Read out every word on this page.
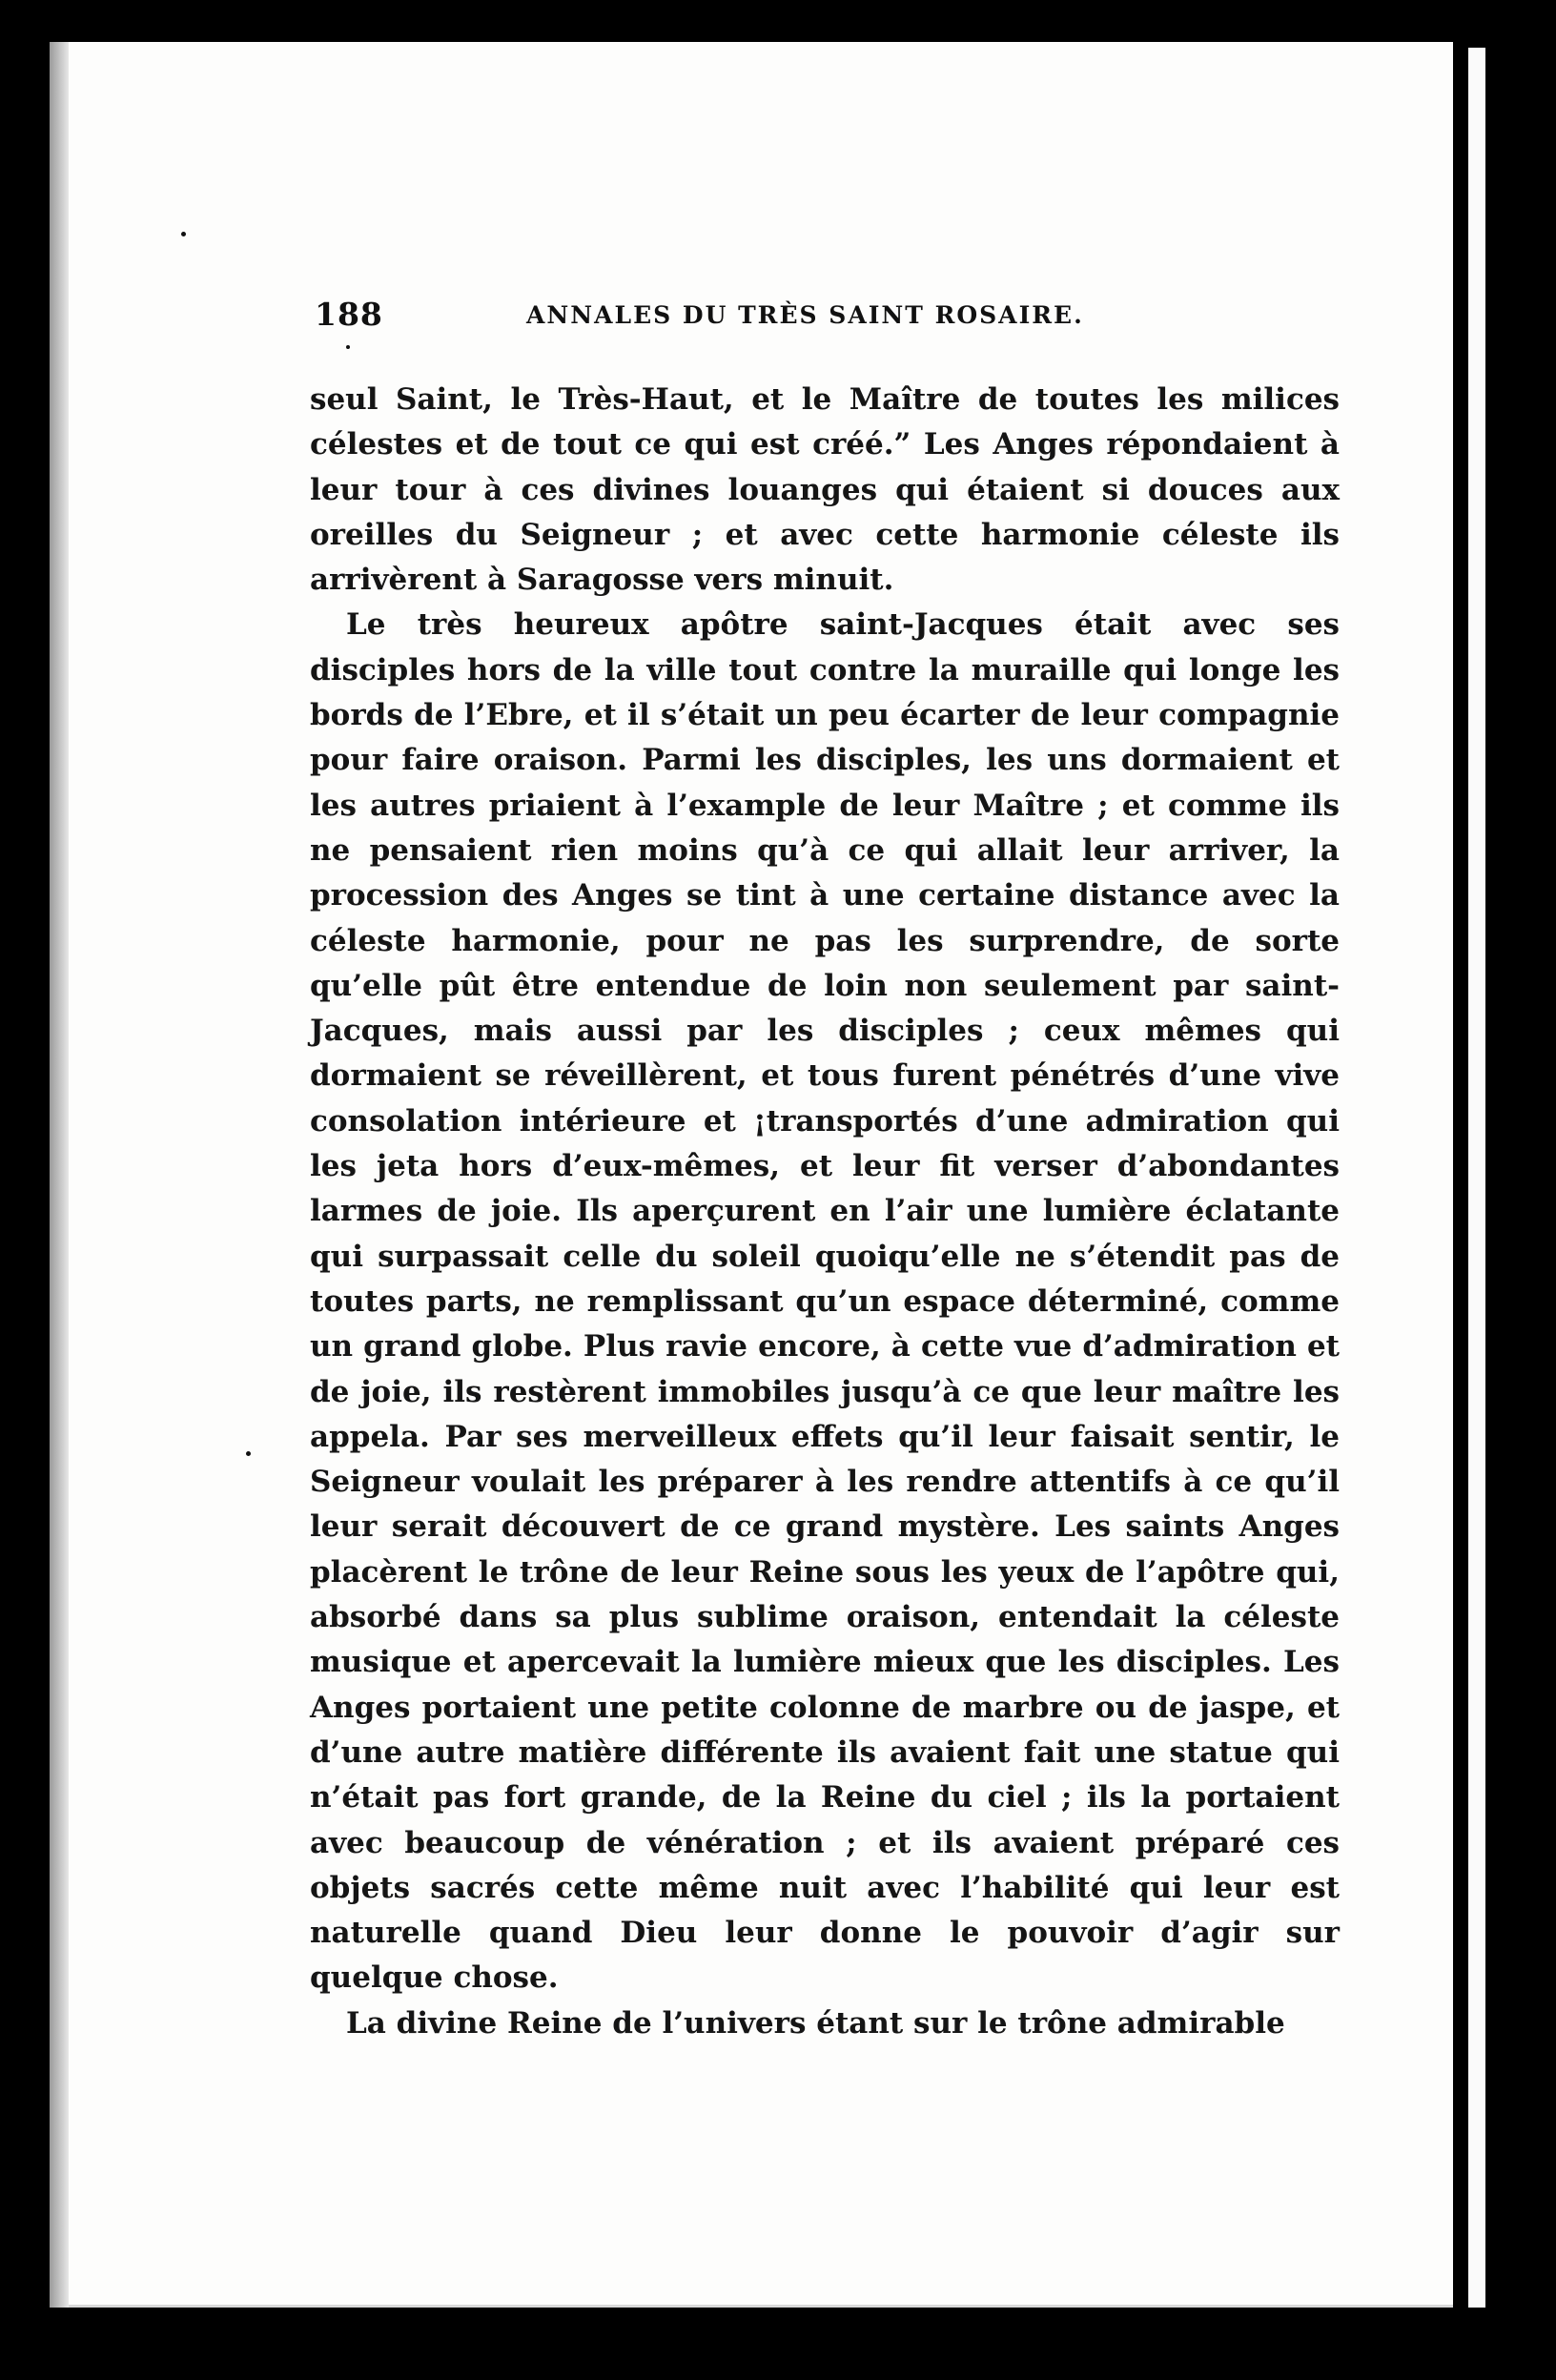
188	ANNALES DU TRÈS SAINT ROSAIRE.

seul Saint, le Très-Haut, et le Maître de toutes les milices célestes et de tout ce qui est créé.” Les Anges répondaient à leur tour à ces divines louanges qui étaient si douces aux oreilles du Seigneur ; et avec cette harmonie céleste ils arrivèrent à Saragosse vers minuit.

Le très heureux apôtre saint-Jacques était avec ses disciples hors de la ville tout contre la muraille qui longe les bords de l’Ebre, et il s’était un peu écarter de leur compagnie pour faire oraison. Parmi les disciples, les uns dormaient et les autres priaient à l’example de leur Maître ; et comme ils ne pensaient rien moins qu’à ce qui allait leur arriver, la procession des Anges se tint à une certaine distance avec la céleste harmonie, pour ne pas les surprendre, de sorte qu’elle pût être entendue de loin non seulement par saint-Jacques, mais aussi par les disciples ; ceux mêmes qui dormaient se réveillèrent, et tous furent pénétrés d’une vive consolation intérieure et ¡transportés d’une admiration qui les jeta hors d’eux-mêmes, et leur fit verser d’abondantes larmes de joie. Ils aperçurent en l’air une lumière éclatante qui surpassait celle du soleil quoiqu’elle ne s’étendit pas de toutes parts, ne remplissant qu’un espace déterminé, comme un grand globe. Plus ravie encore, à cette vue d’admiration et de joie, ils restèrent immobiles jusqu’à ce que leur maître les appela. Par ses merveilleux effets qu’il leur faisait sentir, le Seigneur voulait les préparer à les rendre attentifs à ce qu’il leur serait découvert de ce grand mystère. Les saints Anges placèrent le trône de leur Reine sous les yeux de l’apôtre qui, absorbé dans sa plus sublime oraison, entendait la céleste musique et apercevait la lumière mieux que les disciples. Les Anges portaient une petite colonne de marbre ou de jaspe, et d’une autre matière différente ils avaient fait une statue qui n’était pas fort grande, de la Reine du ciel ; ils la portaient avec beaucoup de vénération ; et ils avaient préparé ces objets sacrés cette même nuit avec l’habilité qui leur est naturelle quand Dieu leur donne le pouvoir d’agir sur quelque chose.

La divine Reine de l’univers étant sur le trône admirable
